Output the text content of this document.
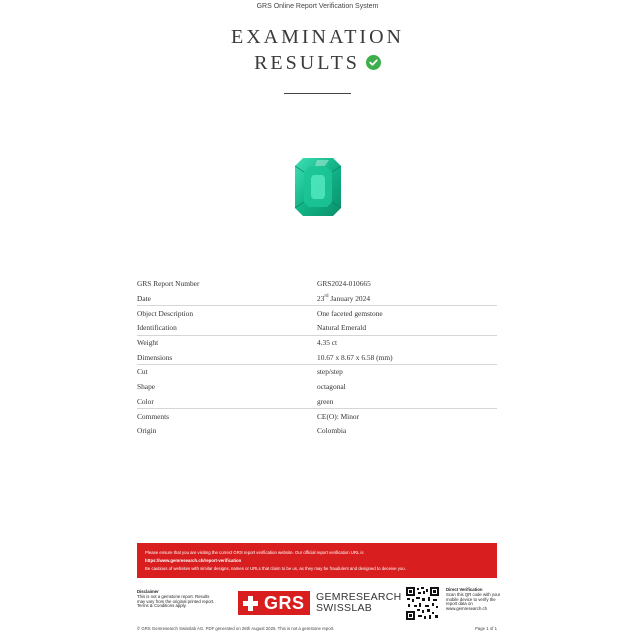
GRS Online Report Verification System
EXAMINATION
RESULTS
GRS Report Number	GRS2024-010665
Date	23rd January 2024
Object Description	One faceted gemstone
Identification	Natural Emerald
Weight	4.35 ct
Dimensions	10.67 x 8.67 x 6.58 (mm)
Cut	step/step
Shape	octagonal
Color	green
Comments	CE(O): Minor
Origin	Colombia
Please ensure that you are visiting the correct GRS report verification website. Our official report verification URL is
https://www.gemresearch.ch/report-verification
Be cautious of websites with similar designs, names or URLs that claim to be us, as they may be fraudulent and designed to deceive you.
Disclaimer
This is not a gemstone report. Results may vary from the original printed report.
Terms & Conditions apply.	GRS GEMRESEARCH
SWISSLAB
Direct Verification
Scan this QR code with your mobile device to verify the report data on www.gemresearch.ch
© GRS Gemresearch Swisslab AG. PDF generated on 26th August 2025. This is not a gemstone report.	Page 1 of 1
